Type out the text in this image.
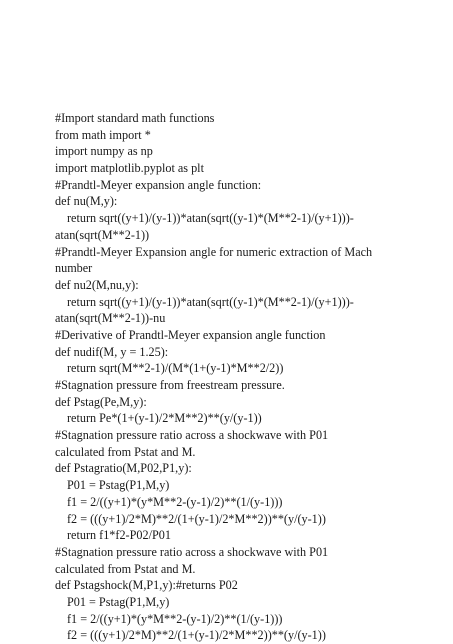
#Import standard math functions
from math import *
import numpy as np
import matplotlib.pyplot as plt
#Prandtl-Meyer expansion angle function:
def nu(M,y):
return sqrt((y+1)/(y-1))*atan(sqrt((y-1)*(M**2-1)/(y+1)))-
atan(sqrt(M**2-1))
#Prandtl-Meyer Expansion angle for numeric extraction of Mach
number
def nu2(M,nu,y):
return sqrt((y+1)/(y-1))*atan(sqrt((y-1)*(M**2-1)/(y+1)))-
atan(sqrt(M**2-1))-nu
#Derivative of Prandtl-Meyer expansion angle function
def nudif(M, y = 1.25):
return sqrt(M**2-1)/(M*(1+(y-1)*M**2/2))
#Stagnation pressure from freestream pressure.
def Pstag(Pe,M,y):
return Pe*(1+(y-1)/2*M**2)**(y/(y-1))
#Stagnation pressure ratio across a shockwave with P01
calculated from Pstat and M.
def Pstagratio(M,P02,P1,y):
P01 = Pstag(P1,M,y)
f1 = 2/((y+1)*(y*M**2-(y-1)/2)**(1/(y-1)))
f2 = (((y+1)/2*M)**2/(1+(y-1)/2*M**2))**(y/(y-1))
return f1*f2-P02/P01
#Stagnation pressure ratio across a shockwave with P01
calculated from Pstat and M.
def Pstagshock(M,P1,y):#returns P02
P01 = Pstag(P1,M,y)
f1 = 2/((y+1)*(y*M**2-(y-1)/2)**(1/(y-1)))
f2 = (((y+1)/2*M)**2/(1+(y-1)/2*M**2))**(y/(y-1))
